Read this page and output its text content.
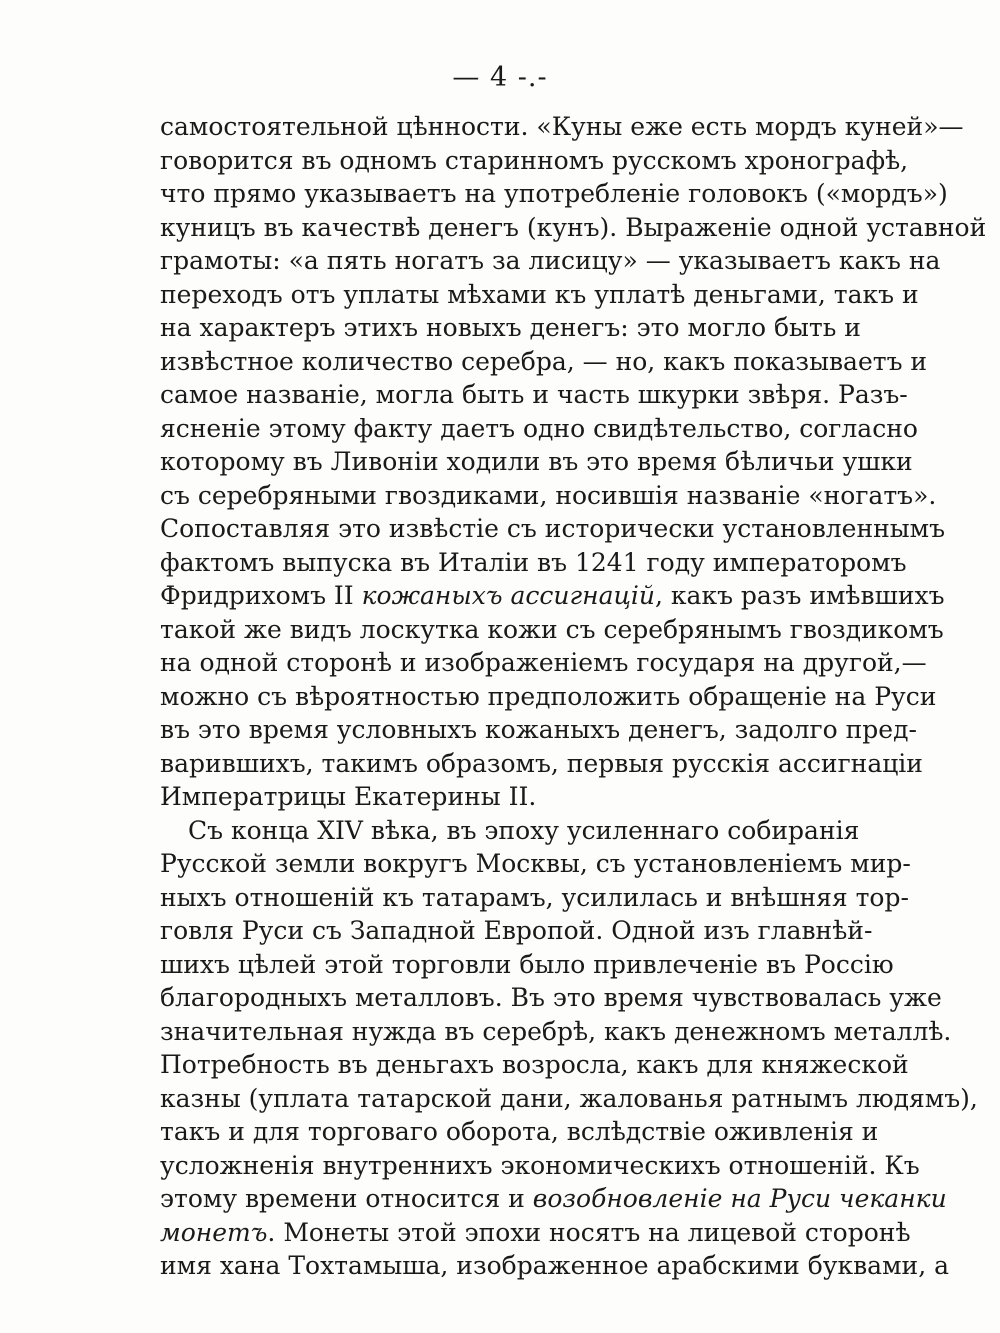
— 4 -.-
самостоятельной цѣнности. «Куны еже есть мордъ куней»—
говорится въ одномъ старинномъ русскомъ хронографѣ,
что прямо указываетъ на употребленіе головокъ («мордъ»)
куницъ въ качествѣ денегъ (кунъ). Выраженіе одной уставной
грамоты: «а пять ногатъ за лисицу» — указываетъ какъ на
переходъ отъ уплаты мѣхами къ уплатѣ деньгами, такъ и
на характеръ этихъ новыхъ денегъ: это могло быть и
извѣстное количество серебра, — но, какъ показываетъ и
самое названіе, могла быть и часть шкурки звѣря. Разъ-
ясненіе этому факту даетъ одно свидѣтельство, согласно
которому въ Ливоніи ходили въ это время бѣличьи ушки
съ серебряными гвоздиками, носившія названіе «ногатъ».
Сопоставляя это извѣстіе съ исторически установленнымъ
фактомъ выпуска въ Италіи въ 1241 году императоромъ
Фридрихомъ II кожаныхъ ассигнацій, какъ разъ имѣвшихъ
такой же видъ лоскутка кожи съ серебрянымъ гвоздикомъ
на одной сторонѣ и изображеніемъ государя на другой,—
можно съ вѣроятностью предположить обращеніе на Руси
въ это время условныхъ кожаныхъ денегъ, задолго пред-
варившихъ, такимъ образомъ, первыя русскія ассигнаціи
Императрицы Екатерины II.
Съ конца XIV вѣка, въ эпоху усиленнаго собиранія
Русской земли вокругъ Москвы, съ установленіемъ мир-
ныхъ отношеній къ татарамъ, усилилась и внѣшняя тор-
говля Руси съ Западной Европой. Одной изъ главнѣй-
шихъ цѣлей этой торговли было привлеченіе въ Россію
благородныхъ металловъ. Въ это время чувствовалась уже
значительная нужда въ серебрѣ, какъ денежномъ металлѣ.
Потребность въ деньгахъ возросла, какъ для княжеской
казны (уплата татарской дани, жалованья ратнымъ людямъ),
такъ и для торговаго оборота, вслѣдствіе оживленія и
усложненія внутреннихъ экономическихъ отношеній. Къ
этому времени относится и возобновленіе на Руси чеканки
монетъ. Монеты этой эпохи носятъ на лицевой сторонѣ
имя хана Тохтамыша, изображенное арабскими буквами, а
